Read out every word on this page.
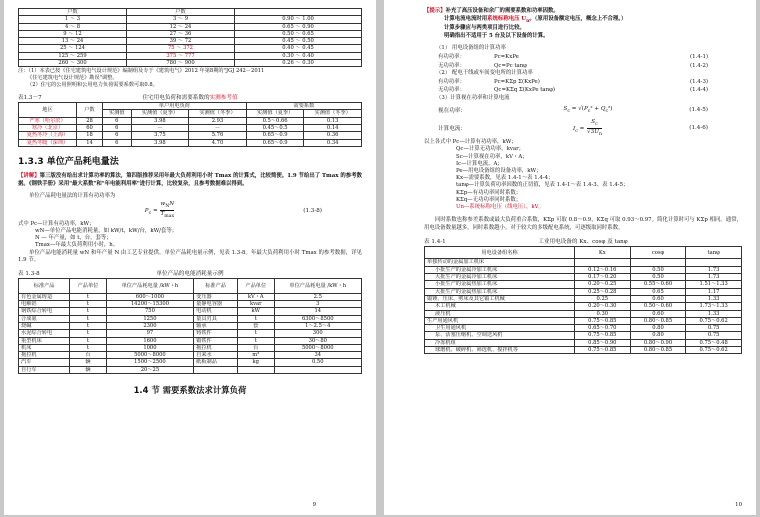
户数	户数	
1 ～ 3	3 ～ 9	0.90 ～ 1.00
4 ～ 8	12 ～ 24	0.65 ～ 0.90
9 ～ 12	27 ～ 36	0.50 ～ 0.65
13 ～ 24	39 ～ 72	0.45 ～ 0.50
25 ～ 124	75 ～ 372	0.40 ～ 0.45
125 ～ 259	375 ～ 777	0.30 ～ 0.40
260 ～ 300	780 ～ 900	0.26 ～ 0.30
注：（1）本表已按《住宅建筑电气设计规范》编制组及专于《建筑电气》2012 年第8期的"JGJ 242－2011
《住宅建筑电气设计规范》勘误"调整。
（2）住宅的公用照明和公用电力负荷需要系数可取0.8。
表1.3－7	住宅用电负荷和需要系数的实测参考值
地区	户数	单户用电负荷			需要系数	
		实测值	实测值（夏季）	实测值（冬季）	实测值（夏季）	实测值（冬季）
严寒（哈尔滨）	28	6	3.98	2.93	0.5～0.66	0.13
寒冷（北京）	60	6	－	－	0.45～0.5	0.14
夏热冬冷（上海）	18	6	3.75	5.76	0.65～0.9	0.36
夏热冬暖（深圳）	14	6	3.98	4.70	0.65～0.9	0.34
1.3.3 单位产品耗电量法
【讲解】第三版没有给出求计算功率的算法，第四版推荐采用年最大负荷利用小时 Tmax 的计算式，比较简便。1.9 节给出了 Tmax 的参考数据。《钢铁手册》采用"最大系数"和"年电能利用率"进行计算，比较复杂，且参考数据难以得到。
单位产品耗电量法的计算有功功率为
$P_c = \frac{w_NN}{T_{max}}$	(1.3-8)
式中 Pc—计算有功功率，kW；
wN—单位产品电能消耗量，如 kW/t，kW/台，kW/套等；
N — 年产量，如 t，台，套等；
Tmax—年最大负荷利用小时，h。
单位产品电能消耗量 wN 和年产量 N 由工艺专业提供。单位产品耗电量示例，见表 1.3-8。年最大负荷利用小时 Tmax 的参考数据，详见 1.9 节。
表 1.3-8	单位产品的电能消耗量示例
标准产品	产品单位	单位产品耗电量 /kW・h	标准产品	产品单位	单位产品耗电量 /kW・h
有色金属铸造	t	600～1000	变压器	kV・A	2.5
电解铝	t	14200～15300	量静电容器	kvar	3
钢铁综合转电	t	750	电动机	kW	14
合成氨	t	1250	量具刃具	t	6300～8500
烧碱	t	2300	轴承	套	1～2.5～4
水泥综合转电	t	97	铸铁件	t	300
重型机床	t	1600	锻铁件	t	30～80
机床	t	1000	拖拉机	台	5000～8000
拖拉机	台	5000～8000	自来水	m³	34
汽车	辆	1500～2500	纸板制品	kg	0.50
自行车	辆	20～25			
1.4 节 需要系数法求计算负荷
9
【提示】补充了高压设备和余厂的需要系数和功率因数。
计算电流电流时用系统标称电压 $U_n$。（原用设备额定电压，概念上不合理。）
计算步骤应与两类项目进行比较。
明确指出不适用于 5 台及以下设备的计算。
（1） 用电设备组的计算功率
有功功率：	Pc=KxPe	(1.4-1)
无功功率：	Qc=Pc tanφ	(1.4-2)
（2） 配电干线或车间变电所的计算功率
有功功率：	Pc=KΣp Σ(KxPe)	(1.4-3)
无功功率：	Qc=KΣq Σ(KxPe tanφ)	(1.4-4)
（3）计算视在功率和计算电流
视在功率：	$S_c = √(P_c^2 + Q_c^2)$	(1.4-5)
计算电流：	$I_c = \frac{S_c}{√3U_n}$	(1.4-6)
以上各式中 Pc—计算有功功率，kW；
Qc—计算无功功率，kvar；
Sc—计算视在功率，kV・A；
Ic—计算电流，A；
Pe—用电设备组的设备功率，kW；
Kx—需要系数，见表 1.4-1～表 1.4-4；
tanφ—计算负荷功率因数的正切值，见表 1.4-1～表 1.4-3、表 1.4-5；
KΣp—有功功率同时系数；
KΣq—无功功率同时系数；
Un—系统标称电压（线电压），kV。
同时系数也称参差系数或最大负荷重合系数，KΣp 可取 0.8～0.9，KΣq 可取 0.93～0.97。简化计算时可与 KΣp 相同。通常，用电设备数量越多，同时系数越小。对于较大的多级配电系统，可逐级取同时系数。
表 1.4-1	工业用电设备的 Kx、cosφ 及 tanφ
用电设备组名称	Kx	cosφ	tanφ
单独传动的金属加工机床			
小批生产的金属冷加工机床	0.12～0.16	0.50	1.73
大批生产的金属冷加工机床	0.17～0.20	0.50	1.73
小批生产的金属热加工机床	0.20～0.25	0.55～0.60	1.51～1.33
大批生产的金属热加工机床	0.25～0.28	0.65	1.17
锻锤、压床、剪床及其它锻工机械	0.25	0.60	1.33
木工机械	0.20～0.30	0.50～0.60	1.73～1.33
液压机	0.30	0.60	1.33
生产用通风机	0.75～0.85	0.80～0.85	0.75～0.62
卫生用通风机	0.65～0.70	0.80	0.75
泵、活塞压缩机、空调送风机	0.75～0.85	0.80	0.75
冷冻机组	0.85～0.90	0.80～0.90	0.75～0.48
球磨机、破碎机、筛选机、搅拌机等	0.75～0.85	0.80～0.85	0.75～0.62
10
